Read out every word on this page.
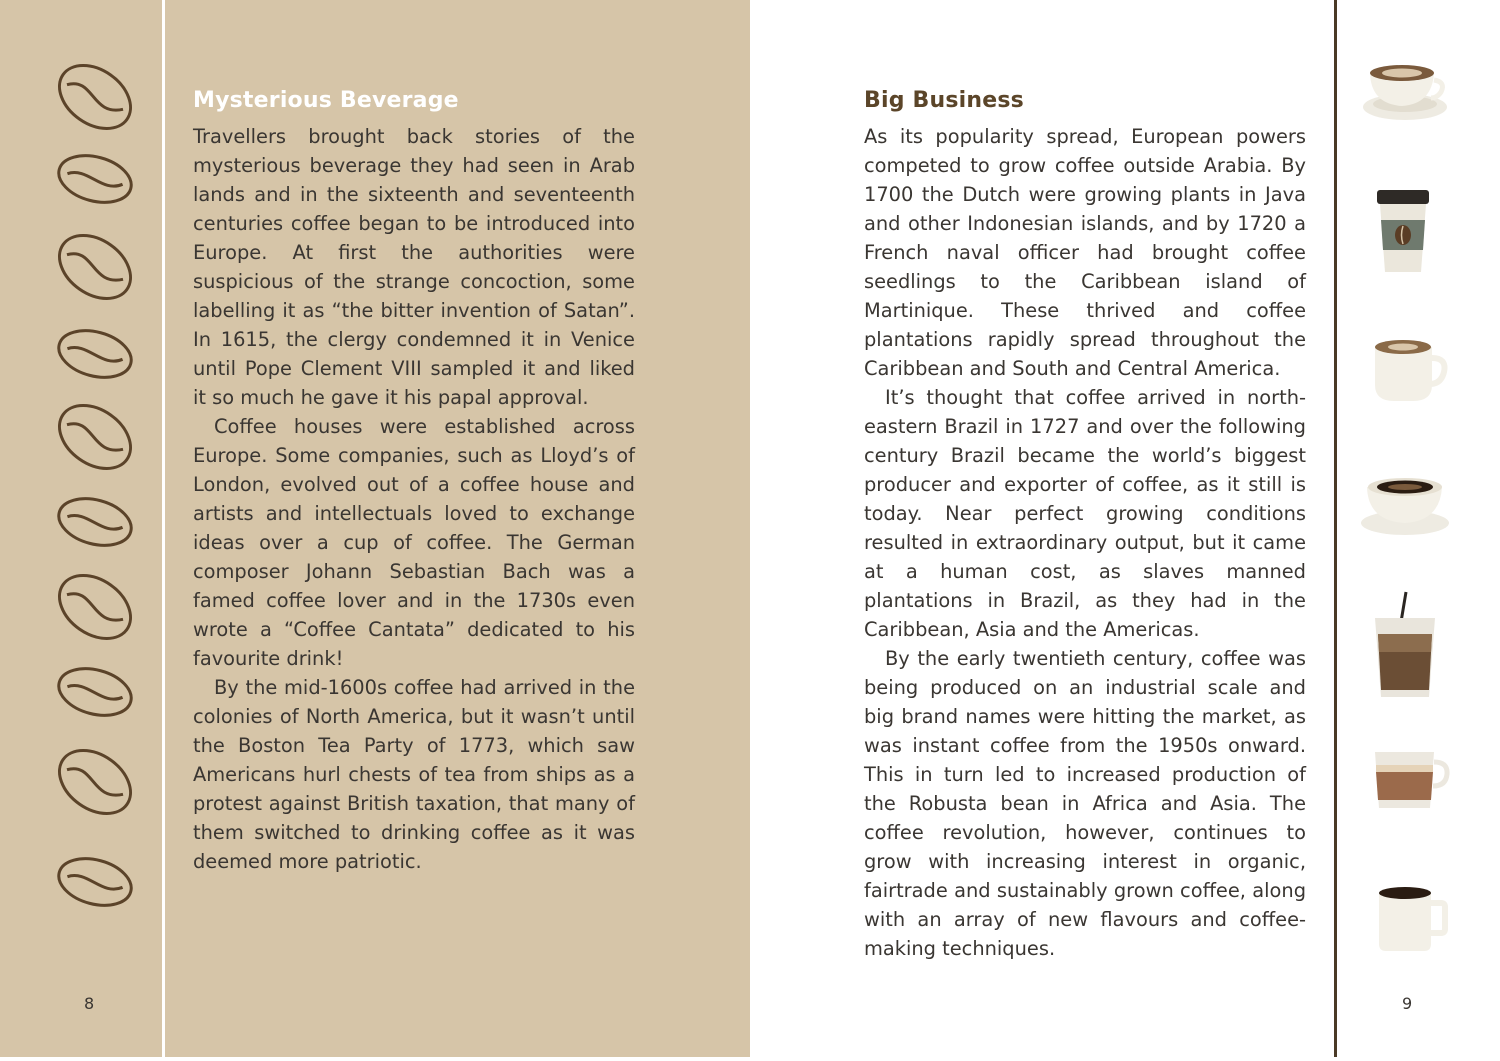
Mysterious Beverage

Travellers brought back stories of the mysterious beverage they had seen in Arab lands and in the sixteenth and seventeenth centuries coffee began to be introduced into Europe. At first the authorities were suspicious of the strange concoction, some labelling it as “the bitter invention of Satan”. In 1615, the clergy condemned it in Venice until Pope Clement VIII sampled it and liked it so much he gave it his papal approval.

Coffee houses were established across Europe. Some companies, such as Lloyd’s of London, evolved out of a coffee house and artists and intellectuals loved to exchange ideas over a cup of coffee. The German composer Johann Sebastian Bach was a famed coffee lover and in the 1730s even wrote a “Coffee Cantata” dedicated to his favourite drink!

By the mid-1600s coffee had arrived in the colonies of North America, but it wasn’t until the Boston Tea Party of 1773, which saw Americans hurl chests of tea from ships as a protest against British taxation, that many of them switched to drinking coffee as it was deemed more patriotic.

8
Big Business

As its popularity spread, European powers competed to grow coffee outside Arabia. By 1700 the Dutch were growing plants in Java and other Indonesian islands, and by 1720 a French naval officer had brought coffee seedlings to the Caribbean island of Martinique. These thrived and coffee plantations rapidly spread throughout the Caribbean and South and Central America.

It’s thought that coffee arrived in north-eastern Brazil in 1727 and over the following century Brazil became the world’s biggest producer and exporter of coffee, as it still is today. Near perfect growing conditions resulted in extraordinary output, but it came at a human cost, as slaves manned plantations in Brazil, as they had in the Caribbean, Asia and the Americas.

By the early twentieth century, coffee was being produced on an industrial scale and big brand names were hitting the market, as was instant coffee from the 1950s onward. This in turn led to increased production of the Robusta bean in Africa and Asia. The coffee revolution, however, continues to grow with increasing interest in organic, fairtrade and sustainably grown coffee, along with an array of new flavours and coffee-making techniques.

9
